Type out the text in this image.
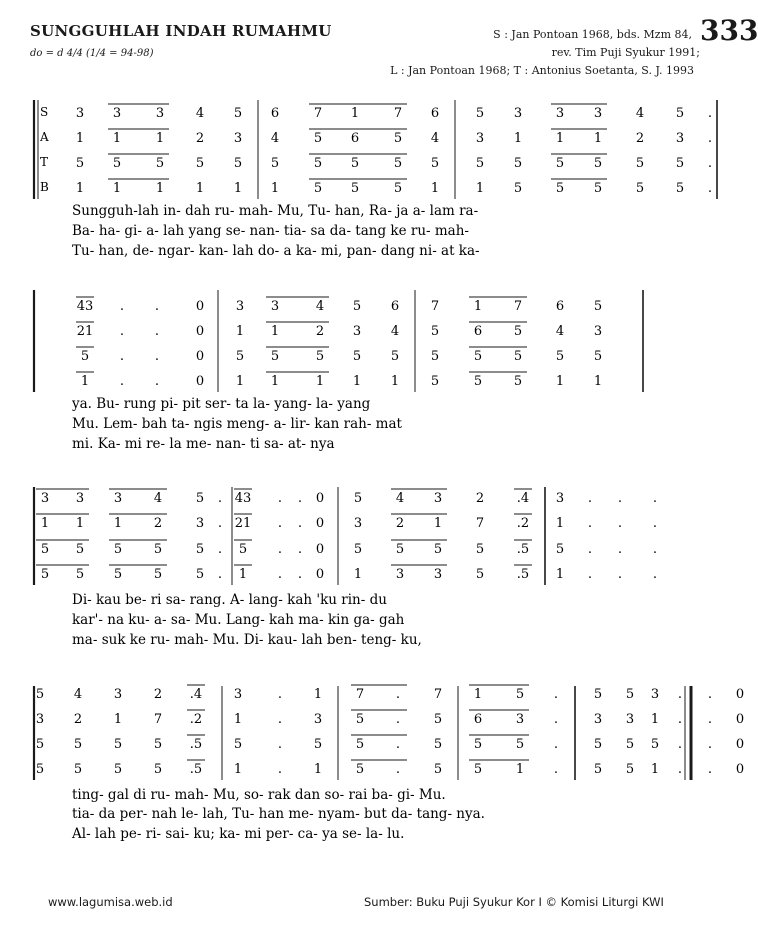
SUNGGUHLAH INDAH RUMAHMU
do = d 4/4 (1/4 = 94-98)
333
S : Jan Pontoan 1968, bds. Mzm 84,
rev. Tim Puji Syukur 1991;
L : Jan Pontoan 1968; T : Antonius Soetanta, S. J. 1993
S
A
T
B
3 3	3 4 5 6	7 1	7 6	5 3	3 3	4 5 .
1 1	1 2 3 4	5 6	5 4	3 1	1 1	2 3 .
5 5	5 5 5 5	5 5	5 5	5 5	5 5	5 5 .
1 1	1 1 1 1	5 5	5 1	1 5	5 5	5 5 .
Sungguh-lah in- dah ru- mah- Mu, Tu- han, Ra- ja a- lam ra-
Ba- ha- gi- a- lah yang se- nan- tia- sa da- tang ke ru- mah-
Tu- han, de- ngar- kan- lah do- a ka- mi, pan- dang ni- at ka-
43 . .	0 3 3	4 5 6 7	1 7	6 5
21 . .	0 1 1	2 3 4 5	6 5	4 3
5 . .	0 5 5	5 5 5 5	5 5	5 5
1 . .	0 1 1	1 1 1 5	5 5	1 1
ya. Bu- rung pi- pit ser- ta la- yang- la- yang
Mu. Lem- bah ta- ngis meng- a- lir- kan rah- mat
mi. Ka- mi re- la me- nan- ti sa- at- nya
3 3 3 4	5 . 43 . . 0 5	4 3	2	.4 3 . . .
1 1 1 2	3 . 21 . . 0 3	2 1	7	.2 1 . . .
5 5 5 5	5 . 5 . . 0 5	5 5	5	.5 5 . . .
5 5 5 5	5 . 1 . . 0 1	3 3	5	.5 1 . . .
Di- kau be- ri sa- rang. A- lang- kah 'ku rin- du
kar'- na ku- a- sa- Mu. Lang- kah ma- kin ga- gah
ma- suk ke ru- mah- Mu. Di- kau- lah ben- teng- ku,
5 4 3 2 .4 3	. 1	7 .	7 1	5 .	5 5 3 . . 0
3 2 1 7 .2 1	. 3	5 .	5 6	3 .	3 3 1 . . 0
5 5 5 5 .5 5	. 5	5 .	5 5	5 .	5 5 5 . . 0
5 5 5 5 .5 1	. 1	5 .	5 5	1 .	5 5 1 . . 0
ting- gal di ru- mah- Mu, so- rak dan so- rai ba- gi- Mu.
tia- da per- nah le- lah, Tu- han me- nyam- but da- tang- nya.
Al- lah pe- ri- sai- ku; ka- mi per- ca- ya se- la- lu.
www.lagumisa.web.id	Sumber: Buku Puji Syukur Kor I © Komisi Liturgi KWI
